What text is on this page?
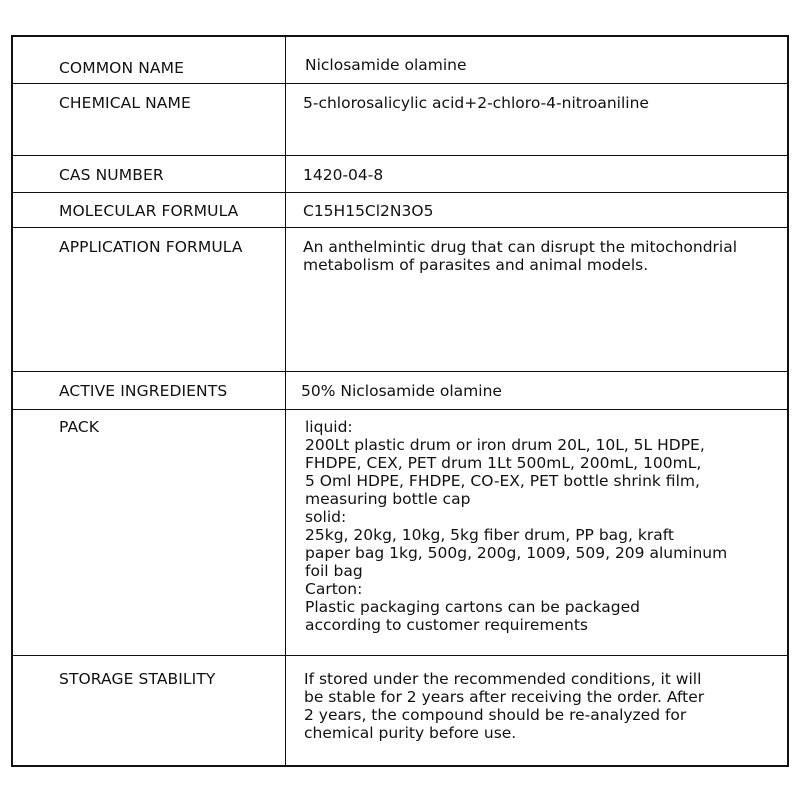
COMMON NAME	Niclosamide olamine
CHEMICAL NAME	5-chlorosalicylic acid+2-chloro-4-nitroaniline
CAS NUMBER	1420-04-8
MOLECULAR FORMULA	C15H15Cl2N3O5
APPLICATION FORMULA	An anthelmintic drug that can disrupt the mitochondrial
metabolism of parasites and animal models.
ACTIVE INGREDIENTS	50% Niclosamide olamine
PACK	liquid:
200Lt plastic drum or iron drum 20L, 10L, 5L HDPE,
FHDPE, CEX, PET drum 1Lt 500mL, 200mL, 100mL,
5 Oml HDPE, FHDPE, CO-EX, PET bottle shrink film,
measuring bottle cap
solid:
25kg, 20kg, 10kg, 5kg fiber drum, PP bag, kraft
paper bag 1kg, 500g, 200g, 1009, 509, 209 aluminum
foil bag
Carton:
Plastic packaging cartons can be packaged
according to customer requirements
STORAGE STABILITY	If stored under the recommended conditions, it will
be stable for 2 years after receiving the order. After
2 years, the compound should be re-analyzed for
chemical purity before use.
